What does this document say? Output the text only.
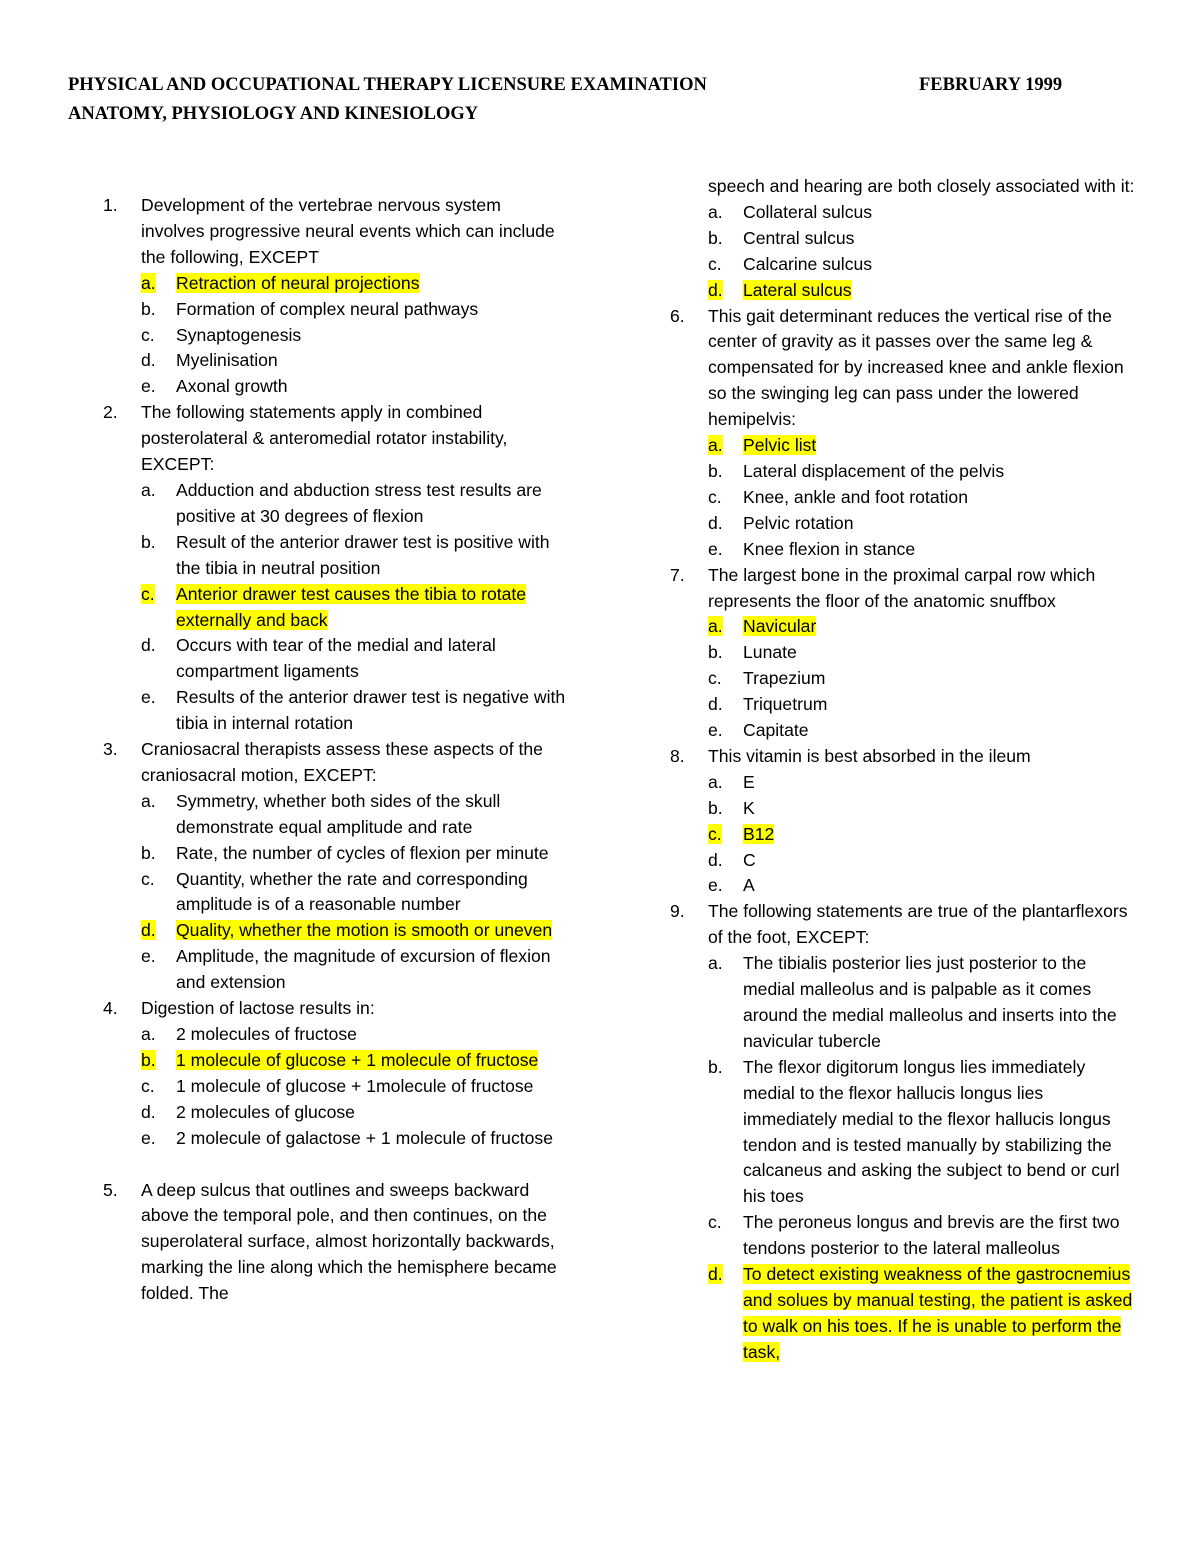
PHYSICAL AND OCCUPATIONAL THERAPY LICENSURE EXAMINATION
ANATOMY, PHYSIOLOGY AND KINESIOLOGY
FEBRUARY 1999
1.	Development of the vertebrae nervous system involves progressive neural events which can include the following, EXCEPT
a.	Retraction of neural projections
b.	Formation of complex neural pathways
c.	Synaptogenesis
d.	Myelinisation
e.	Axonal growth
2.	The following statements apply in combined posterolateral & anteromedial rotator instability, EXCEPT:
a.	Adduction and abduction stress test results are positive at 30 degrees of flexion
b.	Result of the anterior drawer test is positive with the tibia in neutral position
c.	Anterior drawer test causes the tibia to rotate externally and back
d.	Occurs with tear of the medial and lateral compartment ligaments
e.	Results of the anterior drawer test is negative with tibia in internal rotation
3.	Craniosacral therapists assess these aspects of the craniosacral motion, EXCEPT:
a.	Symmetry, whether both sides of the skull demonstrate equal amplitude and rate
b.	Rate, the number of cycles of flexion per minute
c.	Quantity, whether the rate and corresponding amplitude is of a reasonable number
d.	Quality, whether the motion is smooth or uneven
e.	Amplitude, the magnitude of excursion of flexion and extension
4.	Digestion of lactose results in:
a.	2 molecules of fructose
b.	1 molecule of glucose + 1 molecule of fructose
c.	1 molecule of glucose + 1molecule of fructose
d.	2 molecules of glucose
e.	2 molecule of galactose + 1 molecule of fructose
5.	A deep sulcus that outlines and sweeps backward above the temporal pole, and then continues, on the superolateral surface, almost horizontally backwards, marking the line along which the hemisphere became folded. The
speech and hearing are both closely associated with it:
a.	Collateral sulcus
b.	Central sulcus
c.	Calcarine sulcus
d.	Lateral sulcus
6.	This gait determinant reduces the vertical rise of the center of gravity as it passes over the same leg & compensated for by increased knee and ankle flexion so the swinging leg can pass under the lowered hemipelvis:
a.	Pelvic list
b.	Lateral displacement of the pelvis
c.	Knee, ankle and foot rotation
d.	Pelvic rotation
e.	Knee flexion in stance
7.	The largest bone in the proximal carpal row which represents the floor of the anatomic snuffbox
a.	Navicular
b.	Lunate
c.	Trapezium
d.	Triquetrum
e.	Capitate
8.	This vitamin is best absorbed in the ileum
a.	E
b.	K
c.	B12
d.	C
e.	A
9.	The following statements are true of the plantarflexors of the foot, EXCEPT:
a.	The tibialis posterior lies just posterior to the medial malleolus and is palpable as it comes around the medial malleolus and inserts into the navicular tubercle
b.	The flexor digitorum longus lies immediately medial to the flexor hallucis longus lies immediately medial to the flexor hallucis longus tendon and is tested manually by stabilizing the calcaneus and asking the subject to bend or curl his toes
c.	The peroneus longus and brevis are the first two tendons posterior to the lateral malleolus
d.	To detect existing weakness of the gastrocnemius and solues by manual testing, the patient is asked to walk on his toes. If he is unable to perform the task,
